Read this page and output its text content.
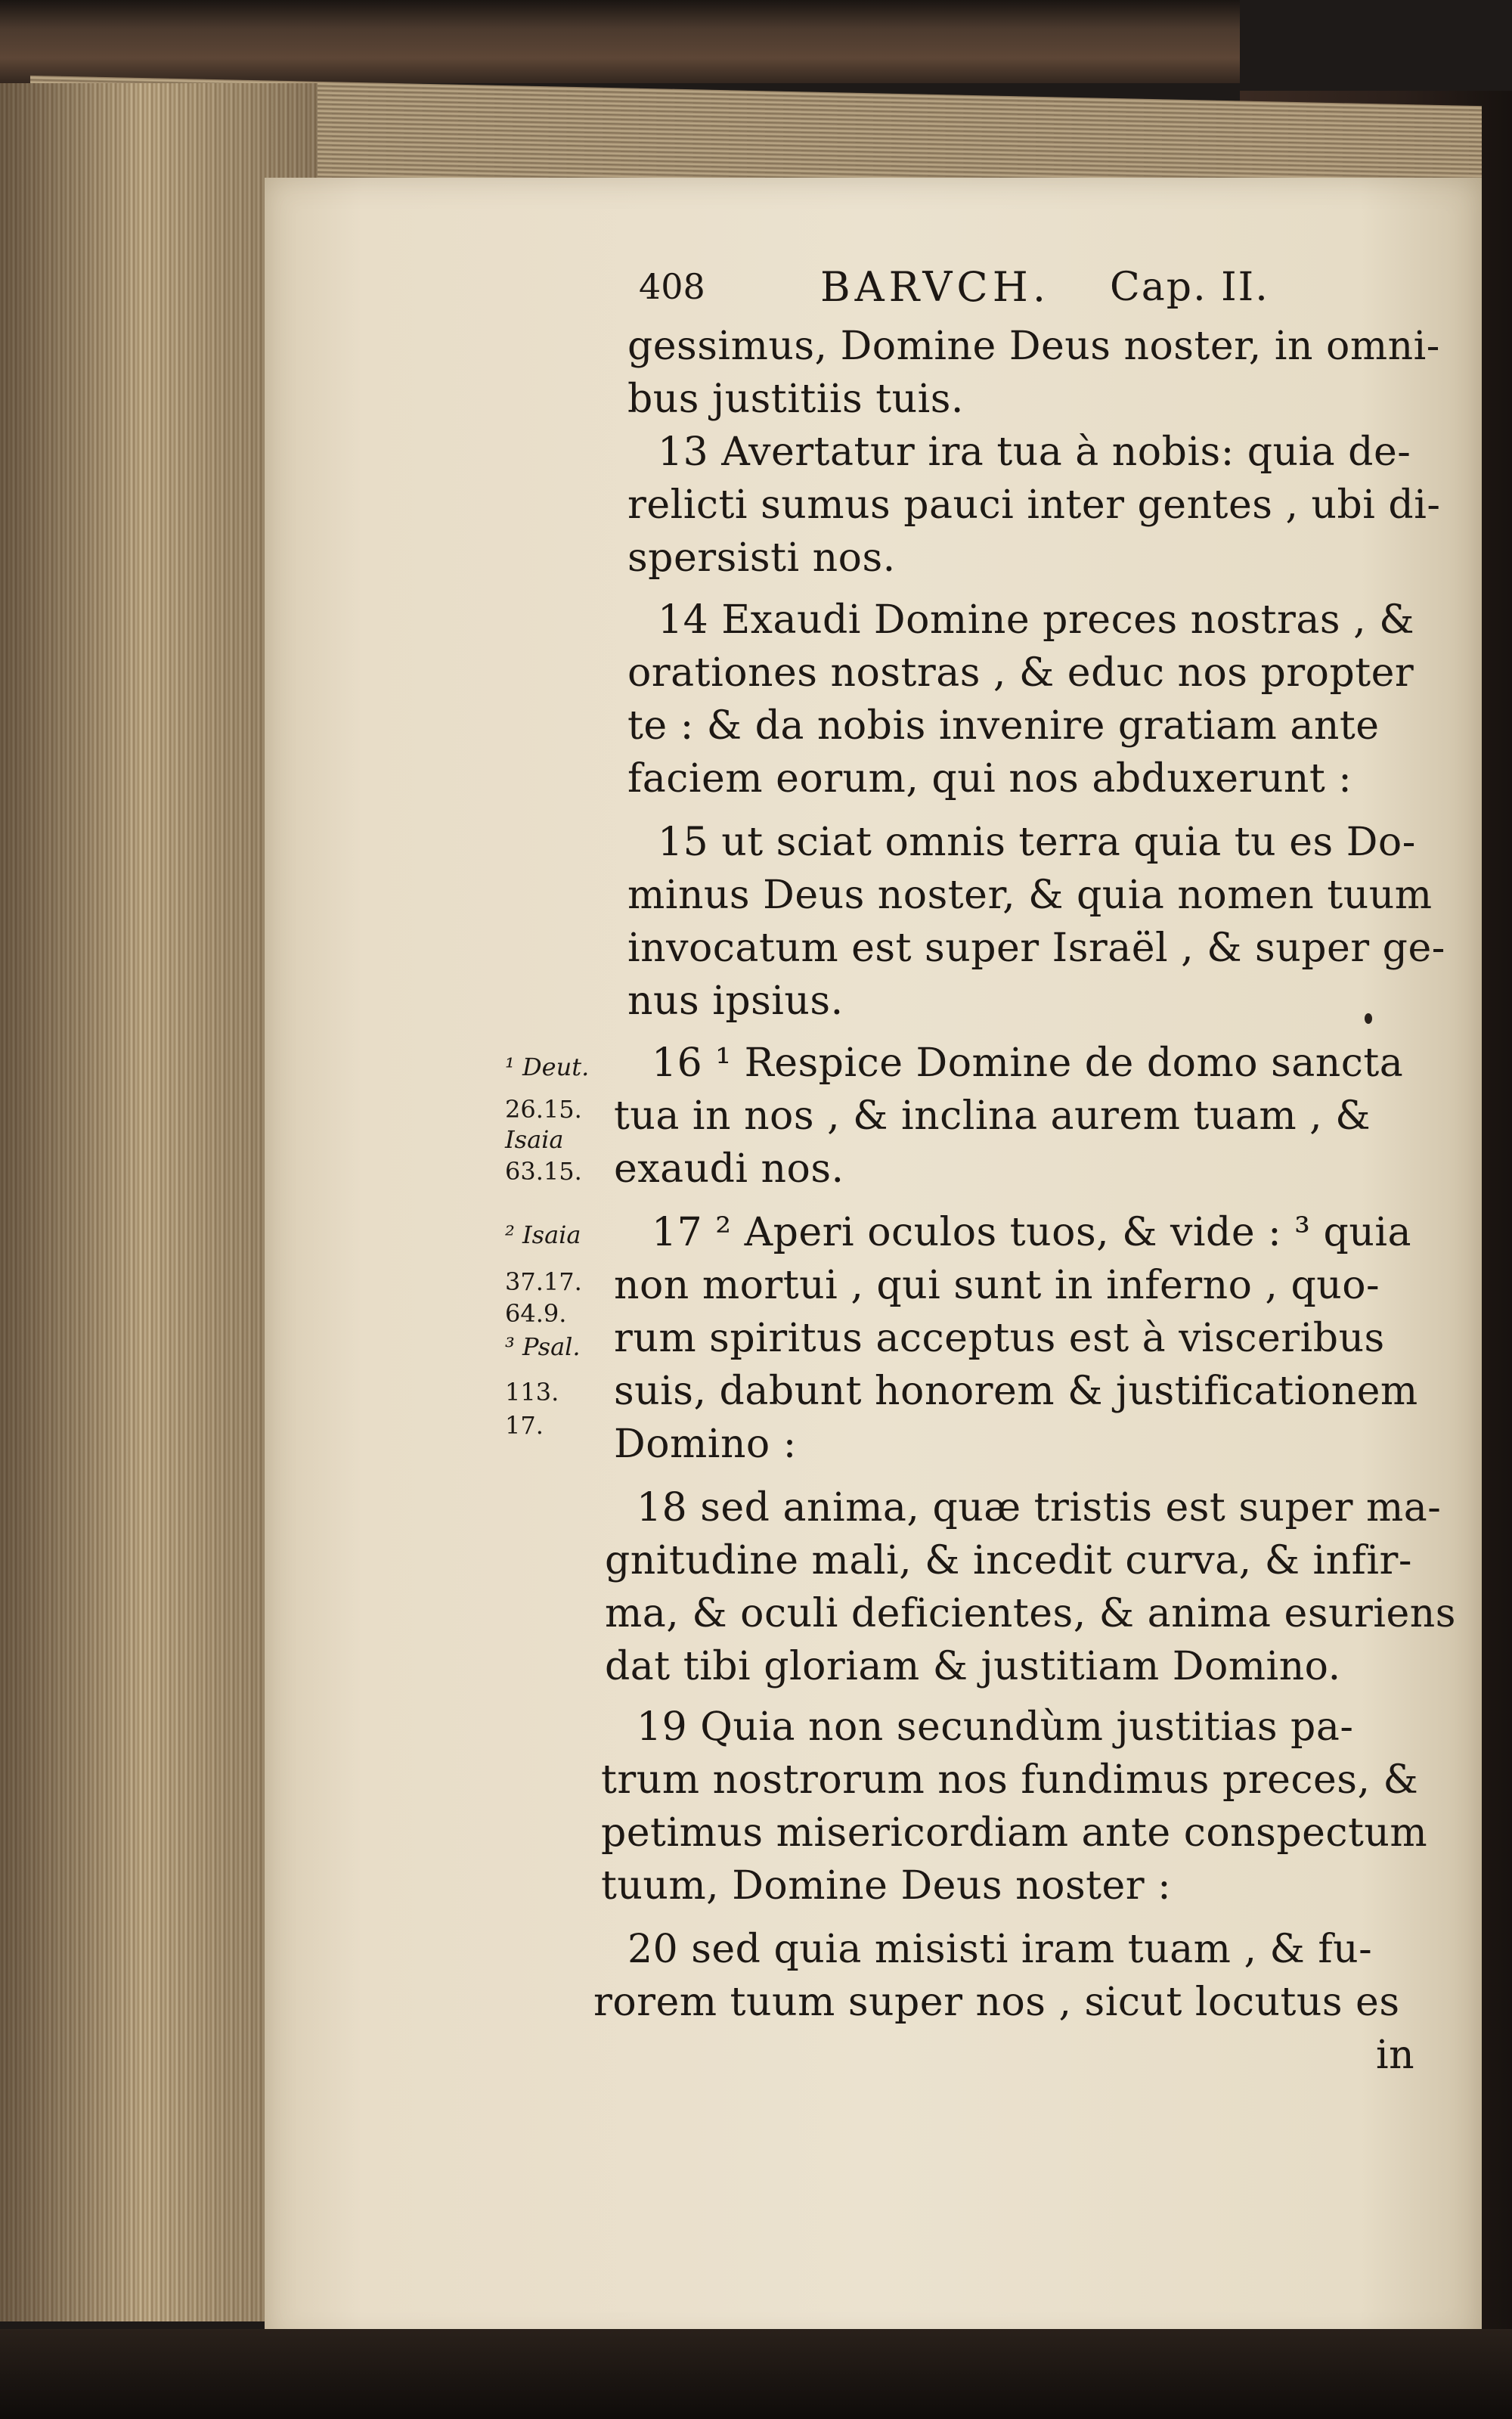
408	BARVCH. Cap. II.
gessimus, Domine Deus noster, in omni-
bus justitiis tuis.
13 Avertatur ira tua à nobis: quia de-
relicti sumus pauci inter gentes , ubi di-
spersisti nos.
14 Exaudi Domine preces nostras , &
orationes nostras , & educ nos propter
te : & da nobis invenire gratiam ante
faciem eorum, qui nos abduxerunt :
15 ut sciat omnis terra quia tu es Do-
minus Deus noster, & quia nomen tuum
invocatum est super Israël , & super ge-
nus ipsius.
16 ¹ Respice Domine de domo sancta
tua in nos , & inclina aurem tuam , &
exaudi nos.
17 ² Aperi oculos tuos, & vide : ³ quia
non mortui , qui sunt in inferno , quo-
rum spiritus acceptus est à visceribus
suis, dabunt honorem & justificationem
Domino :
18 sed anima, quæ tristis est super ma-
gnitudine mali, & incedit curva, & infir-
ma, & oculi deficientes, & anima esuriens
dat tibi gloriam & justitiam Domino.
19 Quia non secundùm justitias pa-
trum nostrorum nos fundimus preces, &
petimus misericordiam ante conspectum
tuum, Domine Deus noster :
20 sed quia misisti iram tuam , & fu-
rorem tuum super nos , sicut locutus es
in
¹ Deut.
26.15.
Isaia
63.15.
² Isaia
37.17.
64.9.
³ Psal.
113.
17.
